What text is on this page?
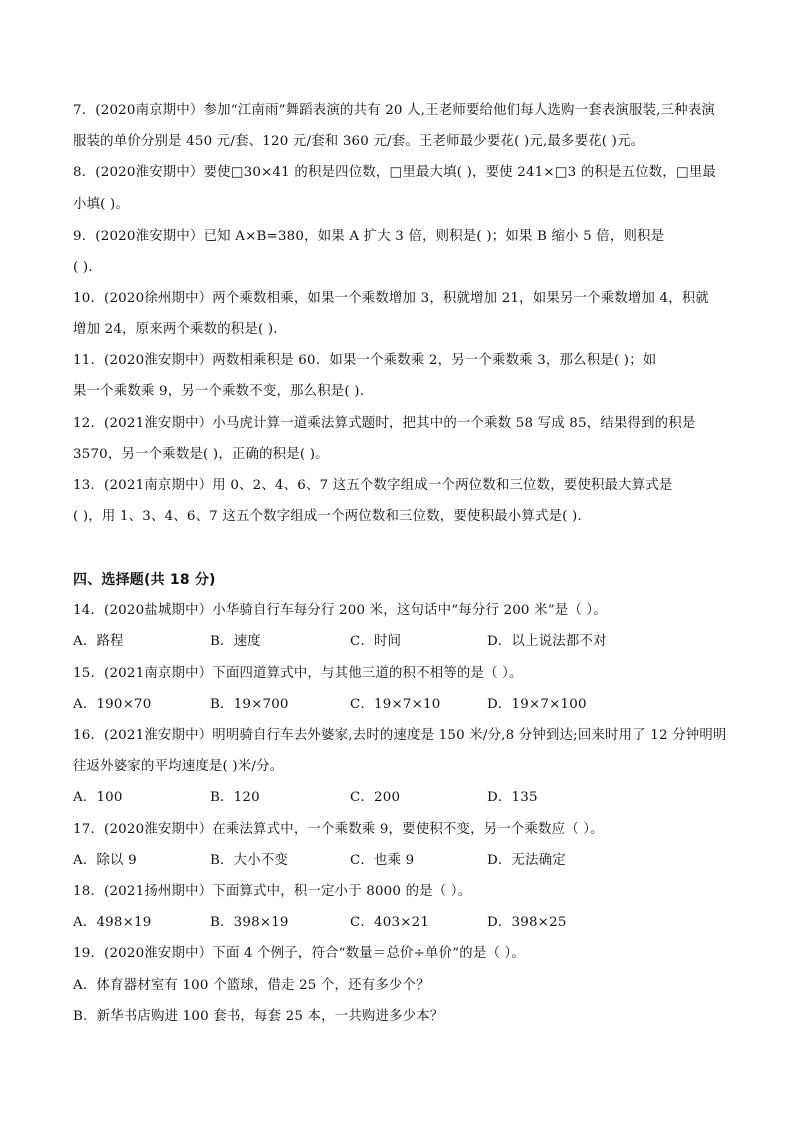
7．(2020南京期中）参加“江南雨”舞蹈表演的共有 20 人,王老师要给他们每人选购一套表演服装,三种表演
服装的单价分别是 450 元/套、120 元/套和 360 元/套。王老师最少要花( )元,最多要花( )元。
8．(2020淮安期中）要使□30×41 的积是四位数，□里最大填( )，要使 241×□3 的积是五位数，□里最
小填( )。
9．(2020淮安期中）已知 A×B=380，如果 A 扩大 3 倍，则积是( )；如果 B 缩小 5 倍，则积是
( ).
10．(2020徐州期中）两个乘数相乘，如果一个乘数增加 3，积就增加 21，如果另一个乘数增加 4，积就
增加 24，原来两个乘数的积是( ).
11．(2020淮安期中）两数相乘积是 60．如果一个乘数乘 2，另一个乘数乘 3，那么积是( )；如
果一个乘数乘 9，另一个乘数不变，那么积是( ).
12．(2021淮安期中）小马虎计算一道乘法算式题时，把其中的一个乘数 58 写成 85，结果得到的积是
3570，另一个乘数是( )，正确的积是( )。
13．(2021南京期中）用 0、2、4、6、7 这五个数字组成一个两位数和三位数，要使积最大算式是
( )，用 1、3、4、6、7 这五个数字组成一个两位数和三位数，要使积最小算式是( ).
四、选择题(共 18 分)
14．(2020盐城期中）小华骑自行车每分行 200 米，这句话中“每分行 200 米”是（ ）。
A．路程	B．速度	C．时间	D．以上说法都不对
15．(2021南京期中）下面四道算式中，与其他三道的积不相等的是（ ）。
A．190×70	B．19×700	C．19×7×10	D．19×7×100
16．(2021淮安期中）明明骑自行车去外婆家,去时的速度是 150 米/分,8 分钟到达;回来时用了 12 分钟明明
往返外婆家的平均速度是( )米/分。
A．100	B．120	C．200	D．135
17．(2020淮安期中）在乘法算式中，一个乘数乘 9，要使积不变，另一个乘数应（ ）。
A．除以 9	B．大小不变	C．也乘 9	D．无法确定
18．(2021扬州期中）下面算式中，积一定小于 8000 的是（ ）。
A．498×19	B．398×19	C．403×21	D．398×25
19．(2020淮安期中）下面 4 个例子，符合“数量＝总价÷单价”的是（ ）。
A．体育器材室有 100 个篮球，借走 25 个，还有多少个？
B．新华书店购进 100 套书，每套 25 本，一共购进多少本？
